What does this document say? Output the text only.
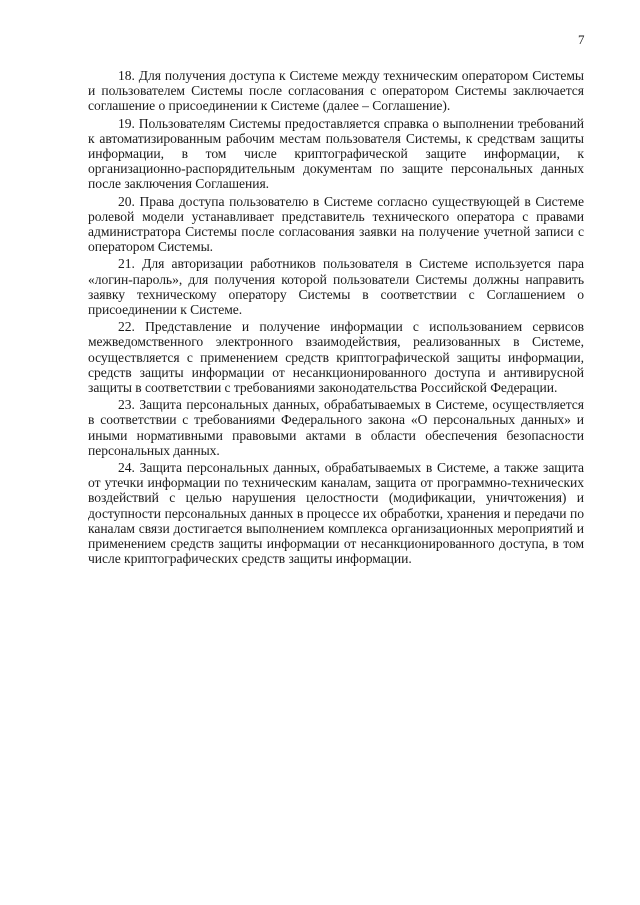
7

18. Для получения доступа к Системе между техническим оператором Системы и пользователем Системы после согласования с оператором Системы заключается соглашение о присоединении к Системе (далее – Соглашение).

19. Пользователям Системы предоставляется справка о выполнении требований к автоматизированным рабочим местам пользователя Системы, к средствам защиты информации, в том числе криптографической защите информации, к организационно-распорядительным документам по защите персональных данных после заключения Соглашения.

20. Права доступа пользователю в Системе согласно существующей в Системе ролевой модели устанавливает представитель технического оператора с правами администратора Системы после согласования заявки на получение учетной записи с оператором Системы.

21. Для авторизации работников пользователя в Системе используется пара «логин-пароль», для получения которой пользователи Системы должны направить заявку техническому оператору Системы в соответствии с Соглашением о присоединении к Системе.

22. Представление и получение информации с использованием сервисов межведомственного электронного взаимодействия, реализованных в Системе, осуществляется с применением средств криптографической защиты информации, средств защиты информации от несанкционированного доступа и антивирусной защиты в соответствии с требованиями законодательства Российской Федерации.

23. Защита персональных данных, обрабатываемых в Системе, осуществляется в соответствии с требованиями Федерального закона «О персональных данных» и иными нормативными правовыми актами в области обеспечения безопасности персональных данных.

24. Защита персональных данных, обрабатываемых в Системе, а также защита от утечки информации по техническим каналам, защита от программно-технических воздействий с целью нарушения целостности (модификации, уничтожения) и доступности персональных данных в процессе их обработки, хранения и передачи по каналам связи достигается выполнением комплекса организационных мероприятий и применением средств защиты информации от несанкционированного доступа, в том числе криптографических средств защиты информации.
